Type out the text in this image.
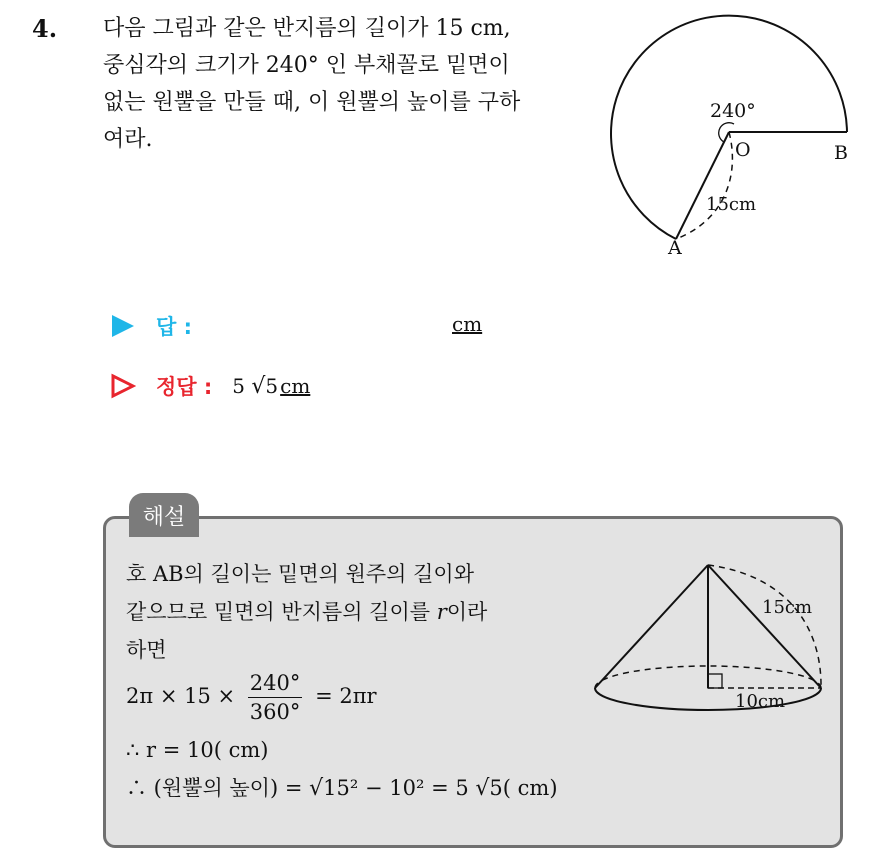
4. 다음 그림과 같은 반지름의 길이가 15 cm,
중심각의 크기가 240° 인 부채꼴로 밑면이
없는 원뿔을 만들 때, 이 원뿔의 높이를 구하
여라.
240°
O	B
A
15cm
답 :	cm
정답 : 5 √5 cm
해설
호 AB의 길이는 밑면의 원주의 길이와
같으므로 밑면의 반지름의 길이를 r이라
하면
$2\pi \times 15 \times \frac{240^\circ}{360^\circ} = 2\pi r$
∴ r = 10( cm)
∴ (원뿔의 높이) = √15² − 10² = 5 √5( cm)
15cm
10cm
